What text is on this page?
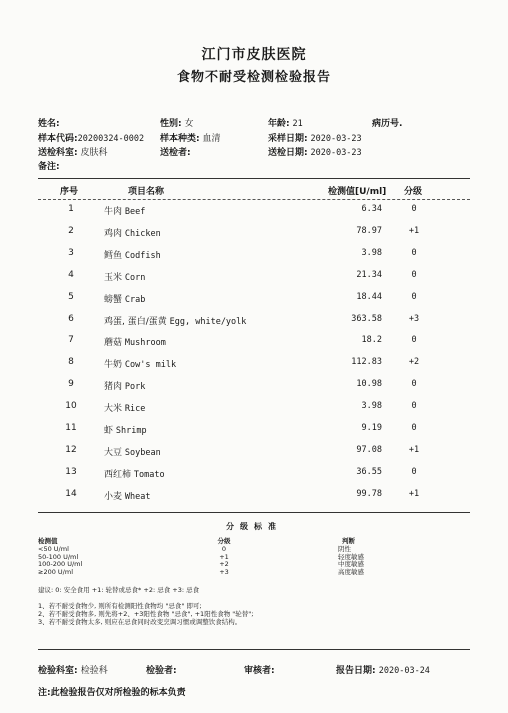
江门市皮肤医院
食物不耐受检测检验报告
姓名:	性别: 女	年龄: 21	病历号.
样本代码:20200324-0002 样本种类: 血清	采样日期: 2020-03-23
送检科室: 皮肤科	送检者:	送检日期: 2020-03-23
备注:
序号	项目名称	检测值[U/ml] 分级
1	牛肉 Beef	6.34	0
2	鸡肉 Chicken	78.97	+1
3	鳕鱼 Codfish	3.98	0
4	玉米 Corn	21.34	0
5	螃蟹 Crab	18.44	0
6	鸡蛋, 蛋白/蛋黄 Egg, white/yolk	363.58	+3
7	蘑菇 Mushroom	18.2	0
8	牛奶 Cow's milk	112.83	+2
9	猪肉 Pork	10.98	0
10	大米 Rice	3.98	0
11	虾 Shrimp	9.19	0
12	大豆 Soybean	97.08	+1
13	西红柿 Tomato	36.55	0
14	小麦 Wheat	99.78	+1
分级标准
检测值	分级	判断
<50 U/ml	0	阴性
50-100 U/ml	+1	轻度敏感
100-200 U/ml	+2	中度敏感
≥200 U/ml	+3	高度敏感
建议: 0: 安全食用 +1: 轮替或忌食* +2: 忌食 +3: 忌食
1、若不耐受食物少, 则所有检测阳性食物均 "忌食" 即可;
2、若不耐受食物多, 则先将+2、+3阳性食物 "忌食", +1阳性食物 "轮替";
3、若不耐受食物太多, 则应在忌食同时改变烹调习惯或调整饮食结构。
检验科室: 检验科	检验者:	审核者:	报告日期: 2020-03-24
注:此检验报告仅对所检验的标本负责
